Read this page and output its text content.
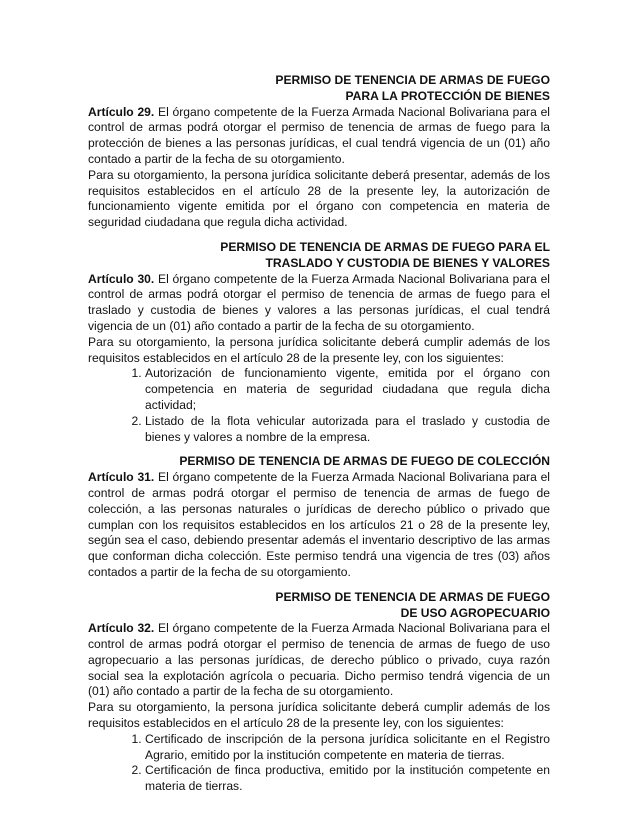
PERMISO DE TENENCIA DE ARMAS DE FUEGO
PARA LA PROTECCIÓN DE BIENES

Artículo 29. El órgano competente de la Fuerza Armada Nacional Bolivariana para el control de armas podrá otorgar el permiso de tenencia de armas de fuego para la protección de bienes a las personas jurídicas, el cual tendrá vigencia de un (01) año contado a partir de la fecha de su otorgamiento.

Para su otorgamiento, la persona jurídica solicitante deberá presentar, además de los requisitos establecidos en el artículo 28 de la presente ley, la autorización de funcionamiento vigente emitida por el órgano con competencia en materia de seguridad ciudadana que regula dicha actividad.

PERMISO DE TENENCIA DE ARMAS DE FUEGO PARA EL
TRASLADO Y CUSTODIA DE BIENES Y VALORES

Artículo 30. El órgano competente de la Fuerza Armada Nacional Bolivariana para el control de armas podrá otorgar el permiso de tenencia de armas de fuego para el traslado y custodia de bienes y valores a las personas jurídicas, el cual tendrá vigencia de un (01) año contado a partir de la fecha de su otorgamiento.

Para su otorgamiento, la persona jurídica solicitante deberá cumplir además de los requisitos establecidos en el artículo 28 de la presente ley, con los siguientes:

1. Autorización de funcionamiento vigente, emitida por el órgano con competencia en materia de seguridad ciudadana que regula dicha actividad;
2. Listado de la flota vehicular autorizada para el traslado y custodia de bienes y valores a nombre de la empresa.
PERMISO DE TENENCIA DE ARMAS DE FUEGO DE COLECCIÓN

Artículo 31. El órgano competente de la Fuerza Armada Nacional Bolivariana para el control de armas podrá otorgar el permiso de tenencia de armas de fuego de colección, a las personas naturales o jurídicas de derecho público o privado que cumplan con los requisitos establecidos en los artículos 21 o 28 de la presente ley, según sea el caso, debiendo presentar además el inventario descriptivo de las armas que conforman dicha colección. Este permiso tendrá una vigencia de tres (03) años contados a partir de la fecha de su otorgamiento.

PERMISO DE TENENCIA DE ARMAS DE FUEGO
DE USO AGROPECUARIO

Artículo 32. El órgano competente de la Fuerza Armada Nacional Bolivariana para el control de armas podrá otorgar el permiso de tenencia de armas de fuego de uso agropecuario a las personas jurídicas, de derecho público o privado, cuya razón social sea la explotación agrícola o pecuaria. Dicho permiso tendrá vigencia de un (01) año contado a partir de la fecha de su otorgamiento.

Para su otorgamiento, la persona jurídica solicitante deberá cumplir además de los requisitos establecidos en el artículo 28 de la presente ley, con los siguientes:

1. Certificado de inscripción de la persona jurídica solicitante en el Registro Agrario, emitido por la institución competente en materia de tierras.
2. Certificación de finca productiva, emitido por la institución competente en materia de tierras.
